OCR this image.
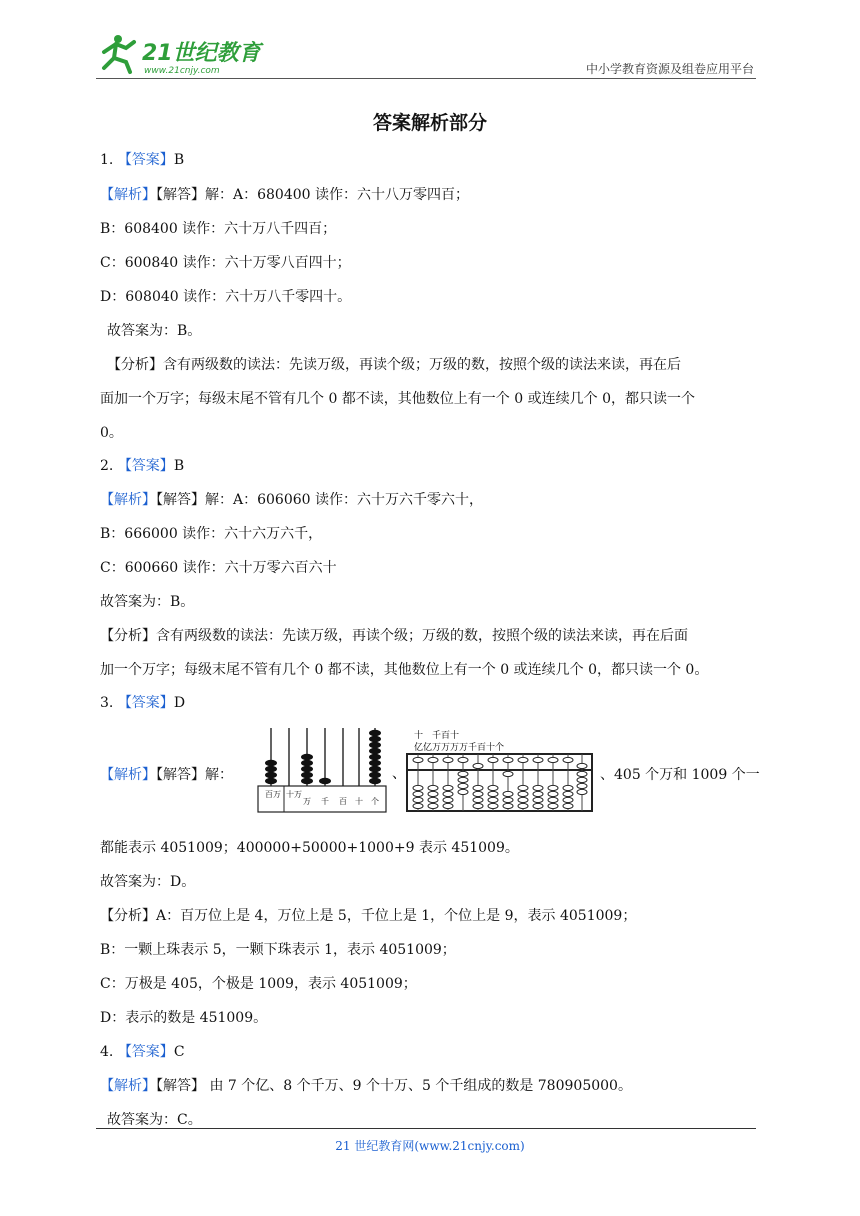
21世纪教育
www.21cnjy.com	中小学教育资源及组卷应用平台
答案解析部分
1. 【答案】B
【解析】【解答】解：A：680400 读作：六十八万零四百；
B：608400 读作：六十万八千四百；
C：600840 读作：六十万零八百四十；
D：608040 读作：六十万八千零四十。
故答案为：B。
【分析】含有两级数的读法：先读万级，再读个级；万级的数，按照个级的读法来读，再在后
面加一个万字；每级末尾不管有几个 0 都不读，其他数位上有一个 0 或连续几个 0，都只读一个
0。
2. 【答案】B
【解析】【解答】解：A：606060 读作：六十万六千零六十，
B：666000 读作：六十六万六千，
C：600660 读作：六十万零六百六十
故答案为：B。
【分析】含有两级数的读法：先读万级，再读个级；万级的数，按照个级的读法来读，再在后面
加一个万字；每级末尾不管有几个 0 都不读，其他数位上有一个 0 或连续几个 0，都只读一个 0。
3. 【答案】D
【解析】【解答】解：
百万 十万
万 千 百 十 个
、
十　千百十
亿亿万万万万千百十个
、405 个万和 1009 个一
都能表示 4051009；400000+50000+1000+9 表示 451009。
故答案为：D。
【分析】A：百万位上是 4，万位上是 5，千位上是 1，个位上是 9，表示 4051009；
B：一颗上珠表示 5，一颗下珠表示 1，表示 4051009；
C：万极是 405，个极是 1009，表示 4051009；
D：表示的数是 451009。
4. 【答案】C
【解析】【解答】 由 7 个亿、8 个千万、9 个十万、5 个千组成的数是 780905000。
故答案为：C。
21 世纪教育网(www.21cnjy.com)
